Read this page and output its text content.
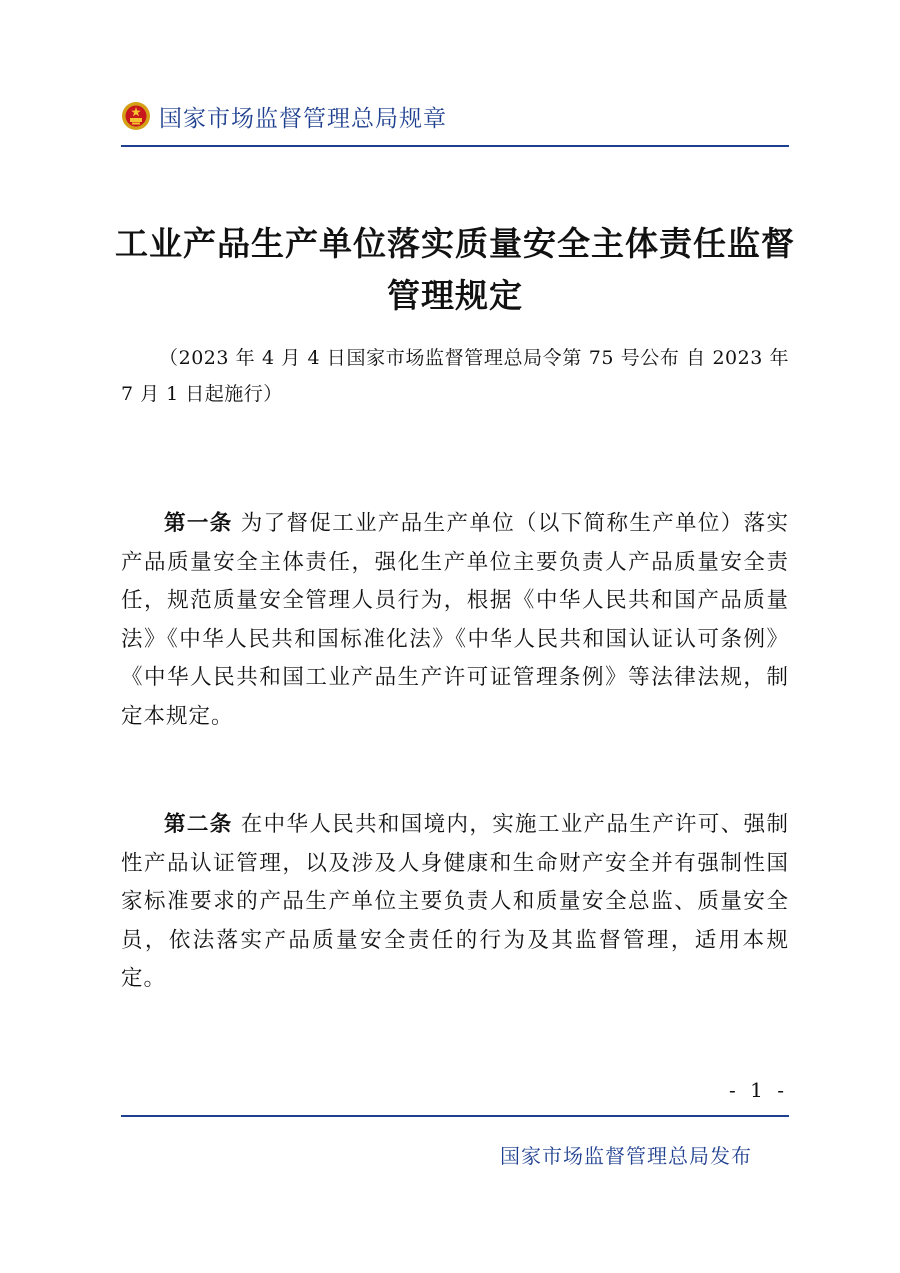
国家市场监督管理总局规章
工业产品生产单位落实质量安全主体责任监督管理规定
（2023 年 4 月 4 日国家市场监督管理总局令第 75 号公布 自 2023 年 7 月 1 日起施行）
第一条 为了督促工业产品生产单位（以下简称生产单位）落实产品质量安全主体责任，强化生产单位主要负责人产品质量安全责任，规范质量安全管理人员行为，根据《中华人民共和国产品质量法》《中华人民共和国标准化法》《中华人民共和国认证认可条例》《中华人民共和国工业产品生产许可证管理条例》等法律法规，制定本规定。
第二条 在中华人民共和国境内，实施工业产品生产许可、强制性产品认证管理，以及涉及人身健康和生命财产安全并有强制性国家标准要求的产品生产单位主要负责人和质量安全总监、质量安全员，依法落实产品质量安全责任的行为及其监督管理，适用本规定。
- 1 -
国家市场监督管理总局发布
